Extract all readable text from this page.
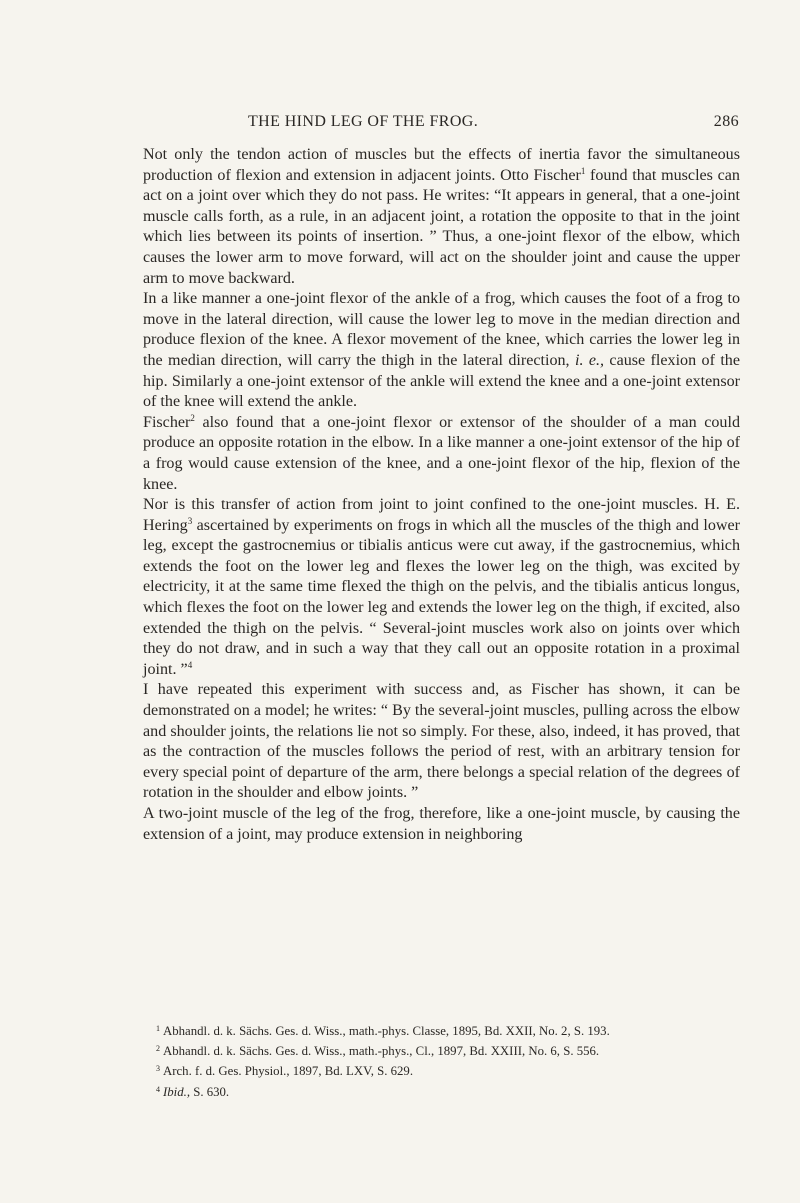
THE HIND LEG OF THE FROG.	286

Not only the tendon action of muscles but the effects of inertia favor the simultaneous production of flexion and extension in adjacent joints. Otto Fischer$^1$ found that muscles can act on a joint over which they do not pass. He writes: “It appears in general, that a one-joint muscle calls forth, as a rule, in an adjacent joint, a rotation the opposite to that in the joint which lies between its points of insertion. ” Thus, a one-joint flexor of the elbow, which causes the lower arm to move forward, will act on the shoulder joint and cause the upper arm to move backward.

In a like manner a one-joint flexor of the ankle of a frog, which causes the foot of a frog to move in the lateral direction, will cause the lower leg to move in the median direction and produce flexion of the knee. A flexor movement of the knee, which carries the lower leg in the median direction, will carry the thigh in the lateral direction, i. e., cause flexion of the hip. Similarly a one-joint extensor of the ankle will extend the knee and a one-joint extensor of the knee will extend the ankle.

Fischer$^2$ also found that a one-joint flexor or extensor of the shoulder of a man could produce an opposite rotation in the elbow. In a like manner a one-joint extensor of the hip of a frog would cause extension of the knee, and a one-joint flexor of the hip, flexion of the knee.

Nor is this transfer of action from joint to joint confined to the one-joint muscles. H. E. Hering$^3$ ascertained by experiments on frogs in which all the muscles of the thigh and lower leg, except the gastrocnemius or tibialis anticus were cut away, if the gastrocnemius, which extends the foot on the lower leg and flexes the lower leg on the thigh, was excited by electricity, it at the same time flexed the thigh on the pelvis, and the tibialis anticus longus, which flexes the foot on the lower leg and extends the lower leg on the thigh, if excited, also extended the thigh on the pelvis. “ Several-joint muscles work also on joints over which they do not draw, and in such a way that they call out an opposite rotation in a proximal joint. ”$^4$

I have repeated this experiment with success and, as Fischer has shown, it can be demonstrated on a model; he writes: “ By the several-joint muscles, pulling across the elbow and shoulder joints, the relations lie not so simply. For these, also, indeed, it has proved, that as the contraction of the muscles follows the period of rest, with an arbitrary tension for every special point of departure of the arm, there belongs a special relation of the degrees of rotation in the shoulder and elbow joints. ”

A two-joint muscle of the leg of the frog, therefore, like a one-joint muscle, by causing the extension of a joint, may produce extension in neighboring

$^1$ Abhandl. d. k. Sächs. Ges. d. Wiss., math.-phys. Classe, 1895, Bd. XXII, No. 2, S. 193.
$^2$ Abhandl. d. k. Sächs. Ges. d. Wiss., math.-phys., Cl., 1897, Bd. XXIII, No. 6, S. 556.
$^3$ Arch. f. d. Ges. Physiol., 1897, Bd. LXV, S. 629.
$^4$ Ibid., S. 630.
